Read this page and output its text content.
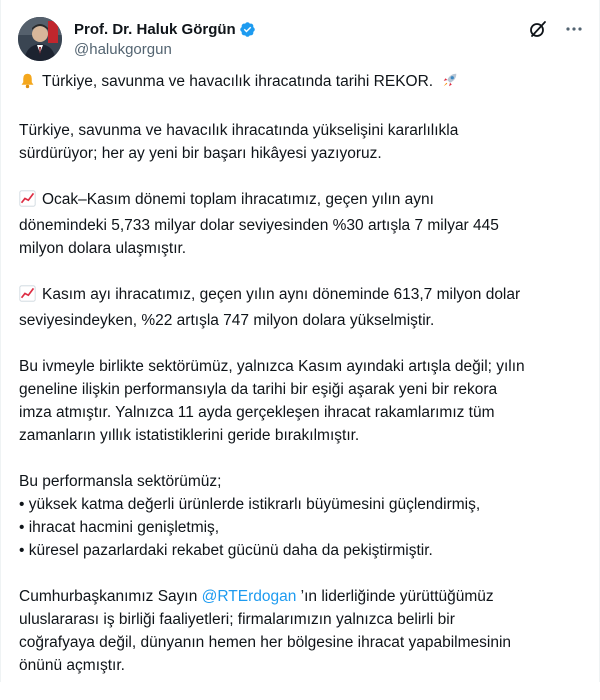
Prof. Dr. Haluk Görgün
@halukgorgun

Türkiye, savunma ve havacılık ihracatında tarihi REKOR.

Türkiye, savunma ve havacılık ihracatında yükselişini kararlılıkla
sürdürüyor; her ay yeni bir başarı hikâyesi yazıyoruz.

Ocak–Kasım dönemi toplam ihracatımız, geçen yılın aynı
dönemindeki 5,733 milyar dolar seviyesinden %30 artışla 7 milyar 445
milyon dolara ulaşmıştır.

Kasım ayı ihracatımız, geçen yılın aynı döneminde 613,7 milyon dolar
seviyesindeyken, %22 artışla 747 milyon dolara yükselmiştir.

Bu ivmeyle birlikte sektörümüz, yalnızca Kasım ayındaki artışla değil; yılın
geneline ilişkin performansıyla da tarihi bir eşiği aşarak yeni bir rekora
imza atmıştır. Yalnızca 11 ayda gerçekleşen ihracat rakamlarımız tüm
zamanların yıllık istatistiklerini geride bırakılmıştır.

Bu performansla sektörümüz;
• yüksek katma değerli ürünlerde istikrarlı büyümesini güçlendirmiş,
• ihracat hacmini genişletmiş,
• küresel pazarlardaki rekabet gücünü daha da pekiştirmiştir.

Cumhurbaşkanımız Sayın @RTErdogan ’ın liderliğinde yürüttüğümüz
uluslararası iş birliği faaliyetleri; firmalarımızın yalnızca belirli bir
coğrafyaya değil, dünyanın hemen her bölgesine ihracat yapabilmesinin
önünü açmıştır.
